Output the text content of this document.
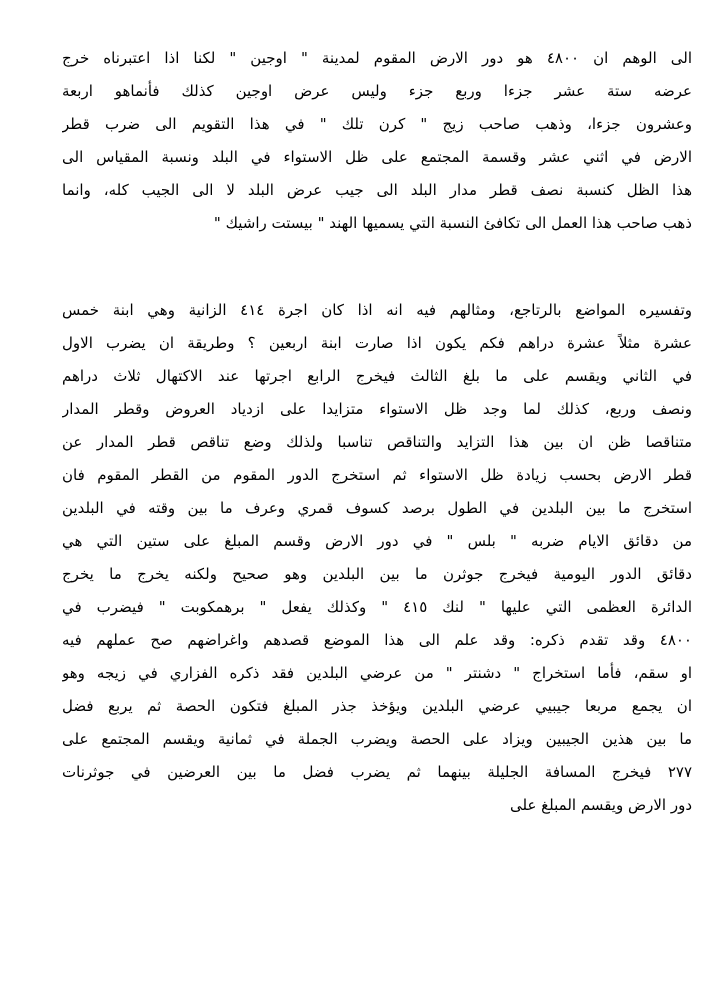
الى الوهم ان ٤٨٠٠ هو دور الارض المقوم لمدينة " اوجين " لكنا اذا اعتبرناه خرج
عرضه ستة عشر جزءا وربع جزء وليس عرض اوجين كذلك فأنماهو اربعة
وعشرون جزءا، وذهب صاحب زيج " كرن تلك " في هذا التقويم الى ضرب قطر
الارض في اثني عشر وقسمة المجتمع على ظل الاستواء في البلد ونسبة المقياس الى
هذا الظل كنسبة نصف قطر مدار البلد الى جيب عرض البلد لا الى الجيب كله، وانما
ذهب صاحب هذا العمل الى تكافئ النسبة التي يسميها الهند " بيستت راشيك "
وتفسيره المواضع بالرتاجع، ومثالهم فيه انه اذا كان اجرة ٤١٤ الزانية وهي ابنة خمس
عشرة مثلاً عشرة دراهم فكم يكون اذا صارت ابنة اربعين ؟ وطريقة ان يضرب الاول
في الثاني ويقسم على ما بلغ الثالث فيخرج الرابع اجرتها عند الاكتهال ثلاث دراهم
ونصف وربع، كذلك لما وجد ظل الاستواء متزايدا على ازدياد العروض وقطر المدار
متناقصا ظن ان بين هذا التزايد والتناقص تناسبا ولذلك وضع تناقص قطر المدار عن
قطر الارض بحسب زيادة ظل الاستواء ثم استخرج الدور المقوم من القطر المقوم فان
استخرج ما بين البلدين في الطول برصد كسوف قمري وعرف ما بين وقته في البلدين
من دقائق الايام ضربه " بلس " في دور الارض وقسم المبلغ على ستين التي هي
دقائق الدور اليومية فيخرج جوثرن ما بين البلدين وهو صحيح ولكنه يخرج ما يخرج
الدائرة العظمى التي عليها " لنك ٤١٥ " وكذلك يفعل " برهمكوبت " فيضرب في
٤٨٠٠ وقد تقدم ذكره: وقد علم الى هذا الموضع قصدهم واغراضهم صح عملهم فيه
او سقم، فأما استخراج " دشنتر " من عرضي البلدين فقد ذكره الفزاري في زيجه وهو
ان يجمع مربعا جيبيي عرضي البلدين ويؤخذ جذر المبلغ فتكون الحصة ثم يربع فضل
ما بين هذين الجيبين ويزاد على الحصة ويضرب الجملة في ثمانية ويقسم المجتمع على
٢٧٧ فيخرج المسافة الجليلة بينهما ثم يضرب فضل ما بين العرضين في جوثرنات
دور الارض ويقسم المبلغ على
